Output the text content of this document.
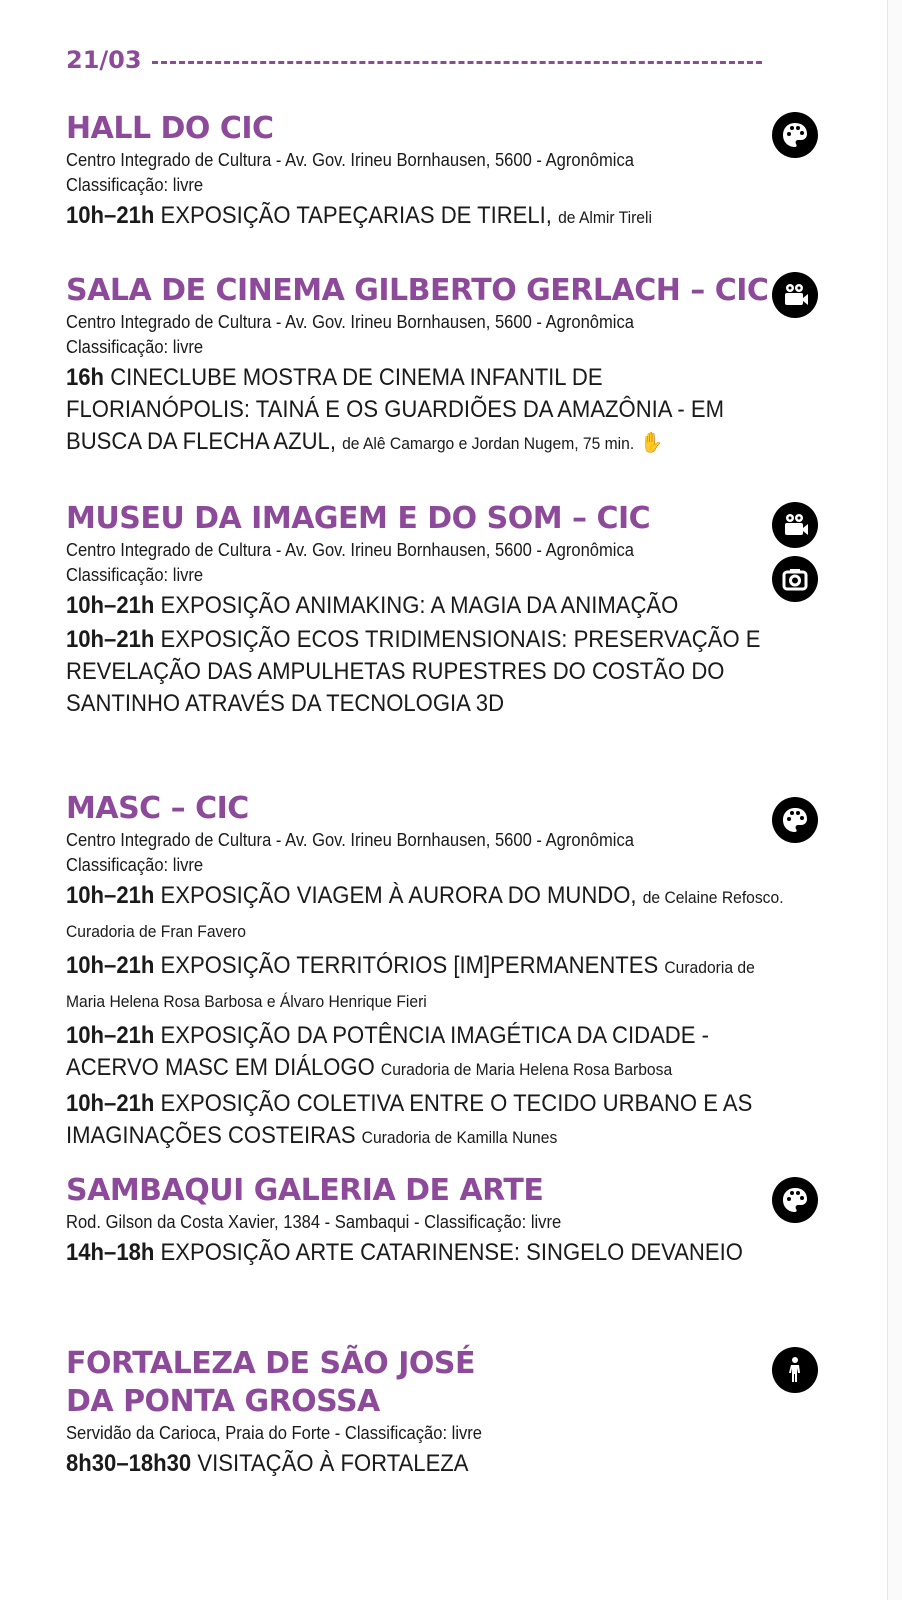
21/03
HALL DO CIC
Centro Integrado de Cultura - Av. Gov. Irineu Bornhausen, 5600 - Agronômica
Classificação: livre
10h–21h EXPOSIÇÃO TAPEÇARIAS DE TIRELI, de Almir Tireli
SALA DE CINEMA GILBERTO GERLACH – CIC
Centro Integrado de Cultura - Av. Gov. Irineu Bornhausen, 5600 - Agronômica
Classificação: livre
16h CINECLUBE MOSTRA DE CINEMA INFANTIL DE FLORIANÓPOLIS: TAINÁ E OS GUARDIÕES DA AMAZÔNIA - EM BUSCA DA FLECHA AZUL, de Alê Camargo e Jordan Nugem, 75 min. ✋
MUSEU DA IMAGEM E DO SOM – CIC
Centro Integrado de Cultura - Av. Gov. Irineu Bornhausen, 5600 - Agronômica
Classificação: livre
10h–21h EXPOSIÇÃO ANIMAKING: A MAGIA DA ANIMAÇÃO
10h–21h EXPOSIÇÃO ECOS TRIDIMENSIONAIS: PRESERVAÇÃO E REVELAÇÃO DAS AMPULHETAS RUPESTRES DO COSTÃO DO SANTINHO ATRAVÉS DA TECNOLOGIA 3D
MASC – CIC
Centro Integrado de Cultura - Av. Gov. Irineu Bornhausen, 5600 - Agronômica
Classificação: livre
10h–21h EXPOSIÇÃO VIAGEM À AURORA DO MUNDO, de Celaine Refosco. Curadoria de Fran Favero
10h–21h EXPOSIÇÃO TERRITÓRIOS [IM]PERMANENTES Curadoria de Maria Helena Rosa Barbosa e Álvaro Henrique Fieri
10h–21h EXPOSIÇÃO DA POTÊNCIA IMAGÉTICA DA CIDADE - ACERVO MASC EM DIÁLOGO Curadoria de Maria Helena Rosa Barbosa
10h–21h EXPOSIÇÃO COLETIVA ENTRE O TECIDO URBANO E AS IMAGINAÇÕES COSTEIRAS Curadoria de Kamilla Nunes
SAMBAQUI GALERIA DE ARTE
Rod. Gilson da Costa Xavier, 1384 - Sambaqui - Classificação: livre
14h–18h EXPOSIÇÃO ARTE CATARINENSE: SINGELO DEVANEIO
FORTALEZA DE SÃO JOSÉ DA PONTA GROSSA
Servidão da Carioca, Praia do Forte - Classificação: livre
8h30–18h30 VISITAÇÃO À FORTALEZA
